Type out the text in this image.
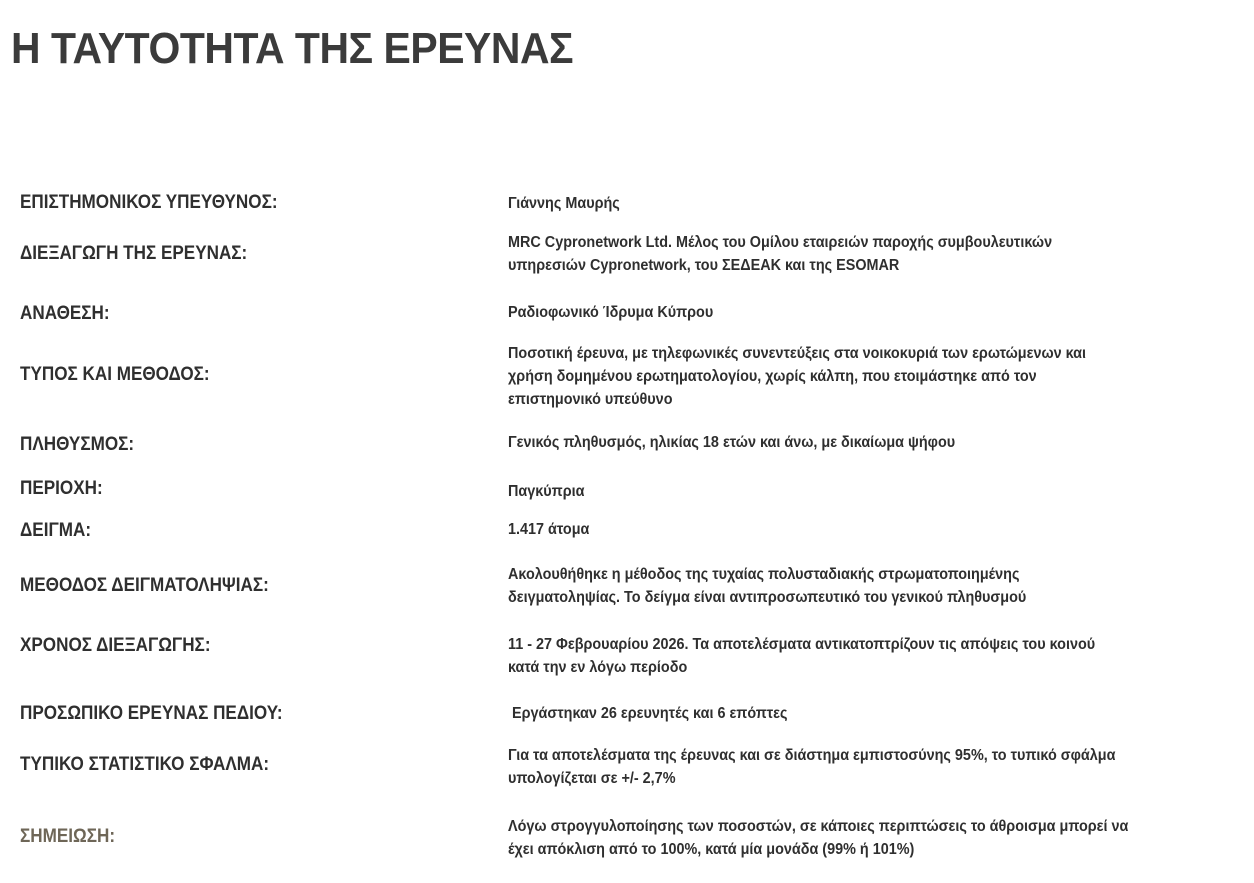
Η ΤΑΥΤΟΤΗΤΑ ΤΗΣ ΕΡΕΥΝΑΣ
ΕΠΙΣΤΗΜΟΝΙΚΟΣ ΥΠΕΥΘΥΝΟΣ:	Γιάννης Μαυρής
ΔΙΕΞΑΓΩΓΗ ΤΗΣ ΕΡΕΥΝΑΣ:
MRC Cypronetwork Ltd. Μέλος του Ομίλου εταιρειών παροχής συμβουλευτικών
υπηρεσιών Cypronetwork, του ΣΕΔΕΑΚ και της ESOMAR
ΑΝΑΘΕΣΗ:	Ραδιοφωνικό Ίδρυμα Κύπρου
ΤΥΠΟΣ ΚΑΙ ΜΕΘΟΔΟΣ:
Ποσοτική έρευνα, με τηλεφωνικές συνεντεύξεις στα νοικοκυριά των ερωτώμενων και
χρήση δομημένου ερωτηματολογίου, χωρίς κάλπη, που ετοιμάστηκε από τον
επιστημονικό υπεύθυνο
ΠΛΗΘΥΣΜΟΣ:	Γενικός πληθυσμός, ηλικίας 18 ετών και άνω, με δικαίωμα ψήφου
ΠΕΡΙΟΧΗ:	Παγκύπρια
ΔΕΙΓΜΑ:	1.417 άτομα
ΜΕΘΟΔΟΣ ΔΕΙΓΜΑΤΟΛΗΨΙΑΣ:
Ακολουθήθηκε η μέθοδος της τυχαίας πολυσταδιακής στρωματοποιημένης
δειγματοληψίας. Το δείγμα είναι αντιπροσωπευτικό του γενικού πληθυσμού
ΧΡΟΝΟΣ ΔΙΕΞΑΓΩΓΗΣ:	11 - 27 Φεβρουαρίου 2026. Τα αποτελέσματα αντικατοπτρίζουν τις απόψεις του κοινού
κατά την εν λόγω περίοδο
ΠΡΟΣΩΠΙΚΟ ΕΡΕΥΝΑΣ ΠΕΔΙΟΥ:	Εργάστηκαν 26 ερευνητές και 6 επόπτες
ΤΥΠΙΚΟ ΣΤΑΤΙΣΤΙΚΟ ΣΦΑΛΜΑ:	Για τα αποτελέσματα της έρευνας και σε διάστημα εμπιστοσύνης 95%, το τυπικό σφάλμα
υπολογίζεται σε +/- 2,7%
ΣΗΜΕΙΩΣΗ:	Λόγω στρογγυλοποίησης των ποσοστών, σε κάποιες περιπτώσεις το άθροισμα μπορεί να
έχει απόκλιση από το 100%, κατά μία μονάδα (99% ή 101%)
